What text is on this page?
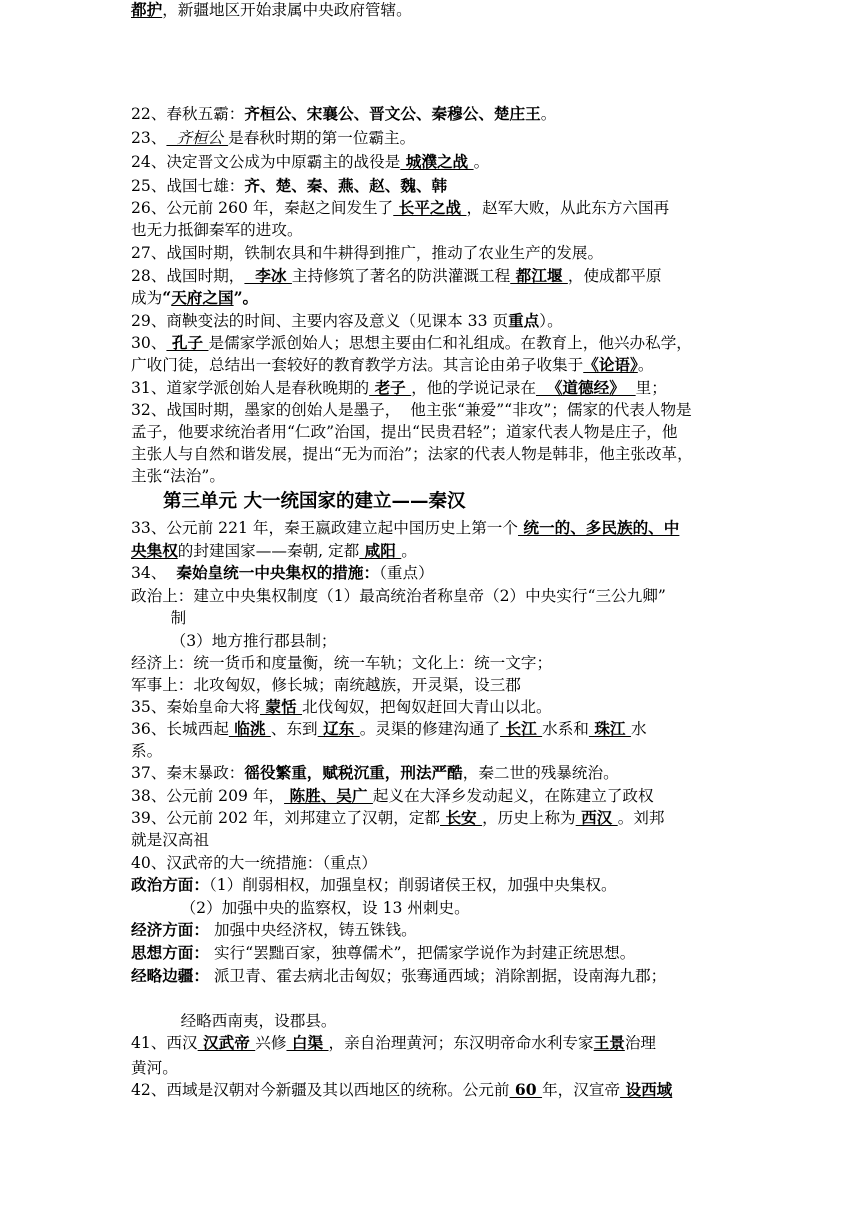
第三单元 大一统国家的建立——秦汉
22、春秋五霸：齐桓公、宋襄公、晋文公、秦穆公、楚庄王。
23、  齐桓公 是春秋时期的第一位霸主。
24、决定晋文公成为中原霸主的战役是 城濮之战 。
25、战国七雄：齐、楚、秦、燕、赵、魏、韩
26、公元前 260 年，秦赵之间发生了 长平之战 ，赵军大败，从此东方六国再
也无力抵御秦军的进攻。
27、战国时期，铁制农具和牛耕得到推广，推动了农业生产的发展。
28、战国时期，  李冰 主持修筑了著名的防洪灌溉工程 都江堰 ，使成都平原
成为“天府之国”。
29、商鞅变法的时间、主要内容及意义（见课本 33 页重点）。
30、 孔子 是儒家学派创始人；思想主要由仁和礼组成。在教育上，他兴办私学，
广收门徒，总结出一套较好的教育教学方法。其言论由弟子收集于《论语》。
31、道家学派创始人是春秋晚期的 老子 ，他的学说记录在  《道德经》  里；
32、战国时期，墨家的创始人是墨子，  他主张“兼爱”“非攻”；儒家的代表人物是
孟子，他要求统治者用“仁政”治国，提出“民贵君轻”；道家代表人物是庄子，他
主张人与自然和谐发展，提出“无为而治”；法家的代表人物是韩非，他主张改革，
主张“法治”。
33、公元前 221 年，秦王嬴政建立起中国历史上第一个 统一的、多民族的、中
央集权的封建国家——秦朝, 定都 咸阳 。
34、  秦始皇统一中央集权的措施：（重点）
政治上：建立中央集权制度（1）最高统治者称皇帝（2）中央实行“三公九卿”
制
（3）地方推行郡县制；
经济上：统一货币和度量衡，统一车轨；文化上：统一文字；
军事上：北攻匈奴，修长城；南统越族，开灵渠，设三郡
35、秦始皇命大将 蒙恬 北伐匈奴，把匈奴赶回大青山以北。
36、长城西起 临洮 、东到 辽东 。灵渠的修建沟通了 长江 水系和 珠江 水
系。
37、秦末暴政：徭役繁重，赋税沉重，刑法严酷，秦二世的残暴统治。
38、公元前 209 年， 陈胜、吴广 起义在大泽乡发动起义，在陈建立了政权
39、公元前 202 年，刘邦建立了汉朝，定都 长安 ，历史上称为 西汉 。刘邦
就是汉高祖
40、汉武帝的大一统措施：（重点）
政治方面：（1）削弱相权，加强皇权；削弱诸侯王权，加强中央集权。
（2）加强中央的监察权，设 13 州刺史。
经济方面： 加强中央经济权，铸五铢钱。
思想方面： 实行“罢黜百家，独尊儒术”，把儒家学说作为封建正统思想。
经略边疆： 派卫青、霍去病北击匈奴；张骞通西域；消除割据，设南海九郡；
经略西南夷，设郡县。
41、西汉 汉武帝 兴修 白渠 ，亲自治理黄河；东汉明帝命水利专家王景治理
黄河。
42、西域是汉朝对今新疆及其以西地区的统称。公元前 60 年，汉宣帝 设西域
都护，新疆地区开始隶属中央政府管辖。
